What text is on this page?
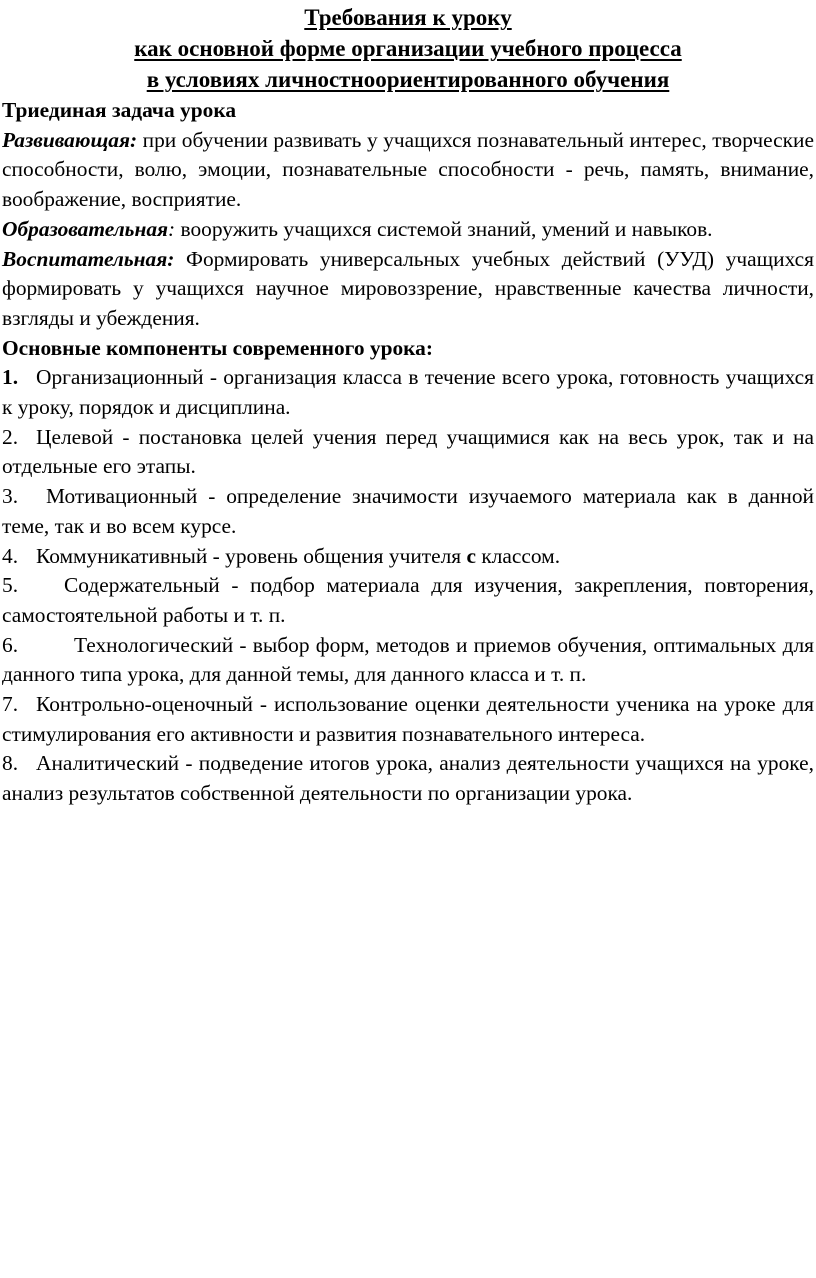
Требования к уроку
как основной форме организации учебного процесса
в условиях личностноориентированного обучения
Триединая задача урока
Развивающая: при обучении развивать у учащихся познавательный интерес, творческие способности, волю, эмоции, познавательные способности - речь, память, внимание, воображение, восприятие.
Образовательная: вооружить учащихся системой знаний, умений и навыков.
Воспитательная: Формировать универсальных учебных действий (УУД) учащихся формировать у учащихся научное мировоззрение, нравственные качества личности, взгляды и убеждения.
Основные компоненты современного урока:
1. Организационный - организация класса в течение всего урока, готовность учащихся к уроку, порядок и дисциплина.
2. Целевой - постановка целей учения перед учащимися как на весь урок, так и на отдельные его этапы.
3. Мотивационный - определение значимости изучаемого материала как в данной теме, так и во всем курсе.
4. Коммуникативный - уровень общения учителя с классом.
5. Содержательный - подбор материала для изучения, закрепления, повторения, самостоятельной работы и т. п.
6.	Технологический - выбор форм, методов и приемов обучения, оптимальных для данного типа урока, для данной темы, для данного класса и т. п.
7. Контрольно-оценочный - использование оценки деятельности ученика на уроке для стимулирования его активности и развития познавательного интереса.
8. Аналитический - подведение итогов урока, анализ деятельности учащихся на уроке, анализ результатов собственной деятельности по организации урока.
